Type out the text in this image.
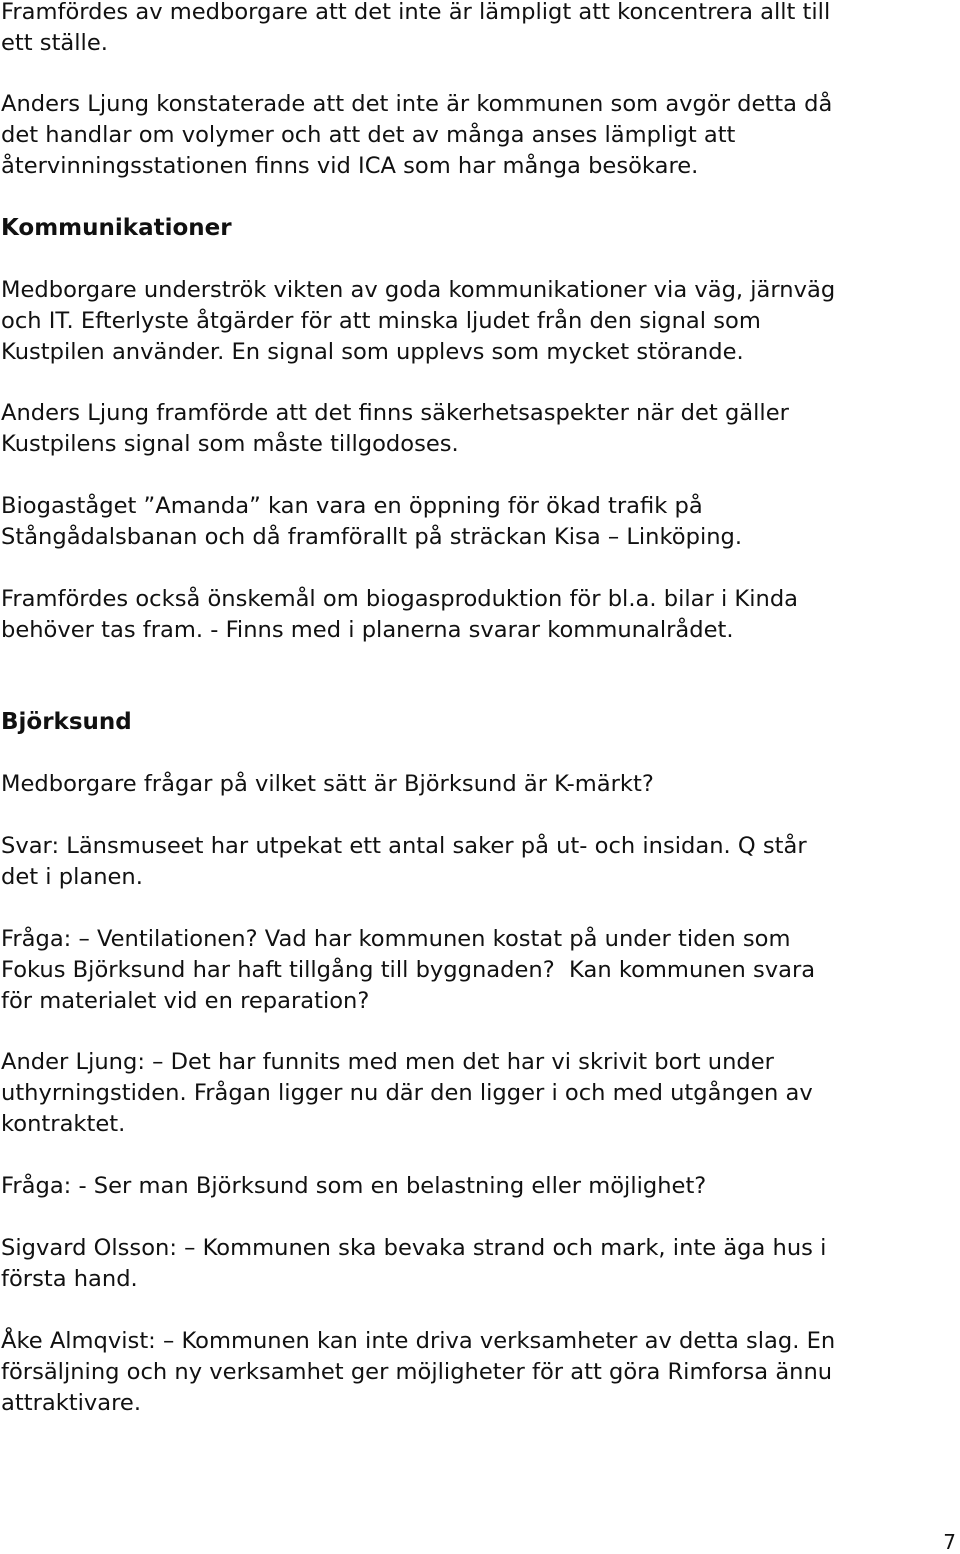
Framfördes av medborgare att det inte är lämpligt att koncentrera allt till
ett ställe.
Anders Ljung konstaterade att det inte är kommunen som avgör detta då
det handlar om volymer och att det av många anses lämpligt att
återvinningsstationen finns vid ICA som har många besökare.
Kommunikationer
Medborgare underströk vikten av goda kommunikationer via väg, järnväg
och IT. Efterlyste åtgärder för att minska ljudet från den signal som
Kustpilen använder. En signal som upplevs som mycket störande.
Anders Ljung framförde att det finns säkerhetsaspekter när det gäller
Kustpilens signal som måste tillgodoses.
Biogaståget ”Amanda” kan vara en öppning för ökad trafik på
Stångådalsbanan och då framförallt på sträckan Kisa – Linköping.
Framfördes också önskemål om biogasproduktion för bl.a. bilar i Kinda
behöver tas fram. - Finns med i planerna svarar kommunalrådet.
Björksund
Medborgare frågar på vilket sätt är Björksund är K-märkt?
Svar: Länsmuseet har utpekat ett antal saker på ut- och insidan. Q står
det i planen.
Fråga: – Ventilationen? Vad har kommunen kostat på under tiden som
Fokus Björksund har haft tillgång till byggnaden?  Kan kommunen svara
för materialet vid en reparation?
Ander Ljung: – Det har funnits med men det har vi skrivit bort under
uthyrningstiden. Frågan ligger nu där den ligger i och med utgången av
kontraktet.
Fråga: - Ser man Björksund som en belastning eller möjlighet?
Sigvard Olsson: – Kommunen ska bevaka strand och mark, inte äga hus i
första hand.
Åke Almqvist: – Kommunen kan inte driva verksamheter av detta slag. En
försäljning och ny verksamhet ger möjligheter för att göra Rimforsa ännu
attraktivare.
7
